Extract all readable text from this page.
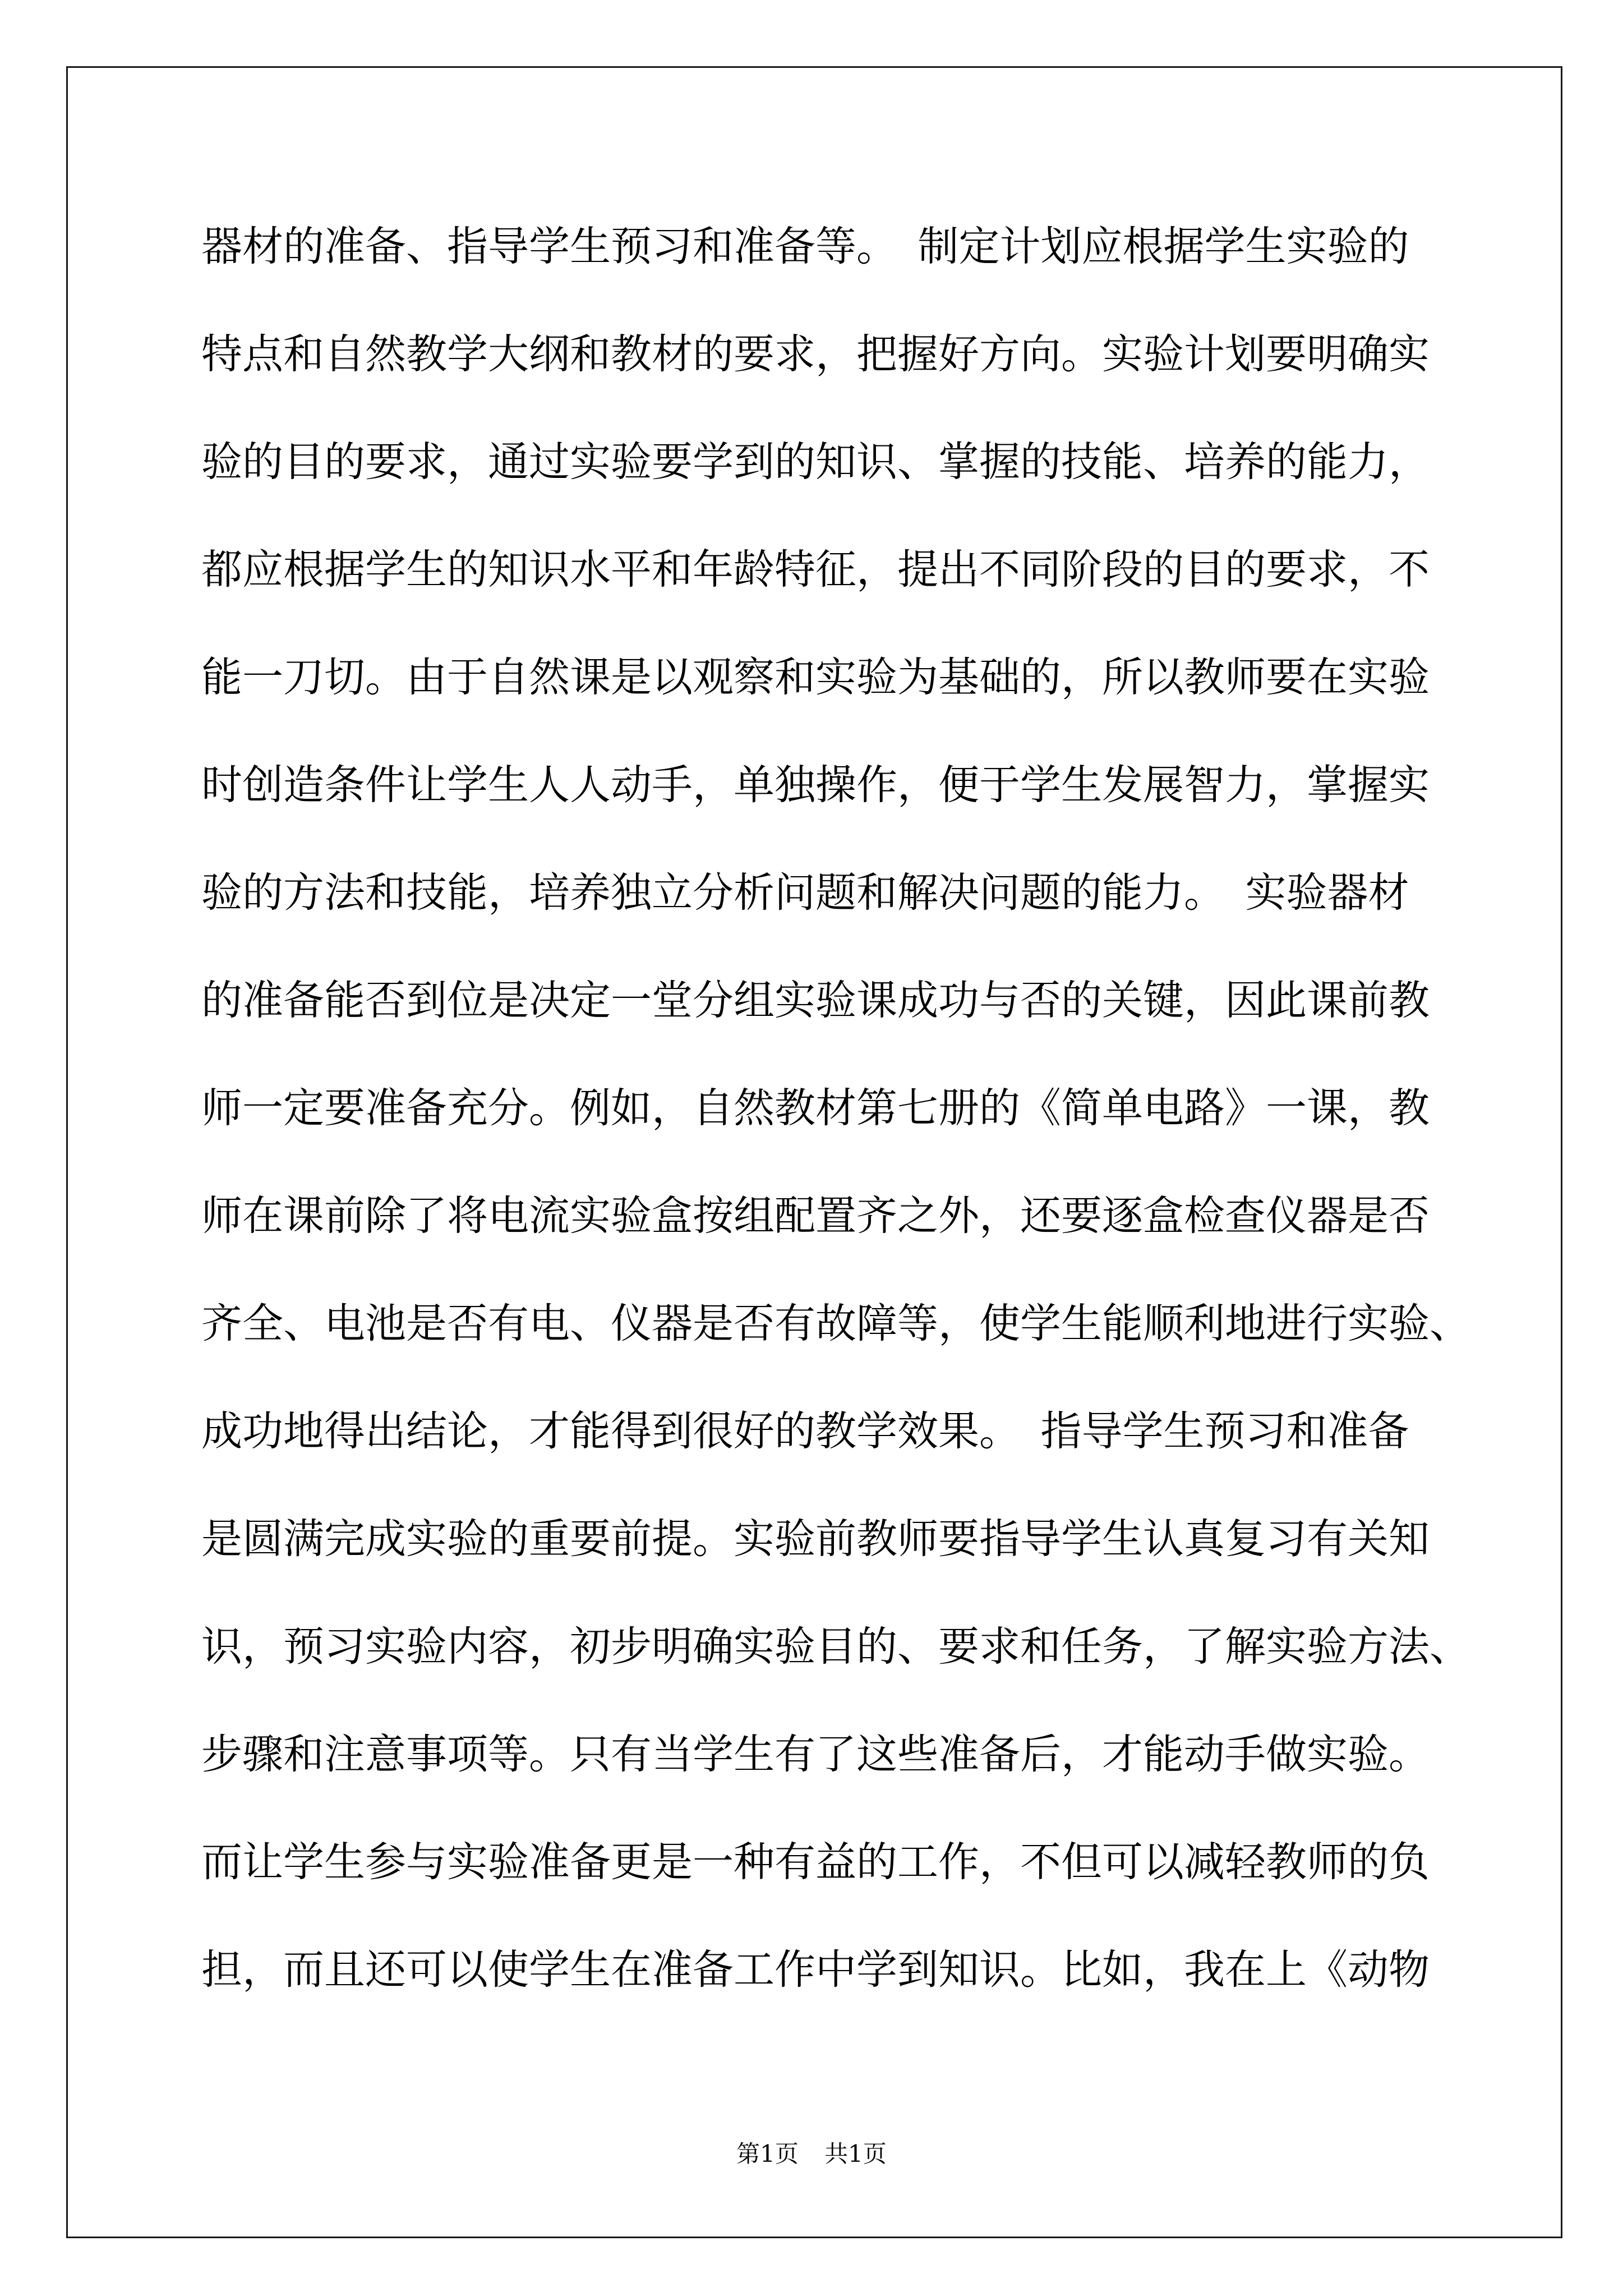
器材的准备、指导学生预习和准备等。　制定计划应根据学生实验的
特点和自然教学大纲和教材的要求，把握好方向。实验计划要明确实
验的目的要求，通过实验要学到的知识、掌握的技能、培养的能力，
都应根据学生的知识水平和年龄特征，提出不同阶段的目的要求，不
能一刀切。由于自然课是以观察和实验为基础的，所以教师要在实验
时创造条件让学生人人动手，单独操作，便于学生发展智力，掌握实
验的方法和技能，培养独立分析问题和解决问题的能力。　实验器材
的准备能否到位是决定一堂分组实验课成功与否的关键，因此课前教
师一定要准备充分。例如，自然教材第七册的《简单电路》一课，教
师在课前除了将电流实验盒按组配置齐之外，还要逐盒检查仪器是否
齐全、电池是否有电、仪器是否有故障等，使学生能顺利地进行实验、
成功地得出结论，才能得到很好的教学效果。　指导学生预习和准备
是圆满完成实验的重要前提。实验前教师要指导学生认真复习有关知
识，预习实验内容，初步明确实验目的、要求和任务，了解实验方法、
步骤和注意事项等。只有当学生有了这些准备后，才能动手做实验。
而让学生参与实验准备更是一种有益的工作，不但可以减轻教师的负
担，而且还可以使学生在准备工作中学到知识。比如，我在上《动物
第1页 共1页
